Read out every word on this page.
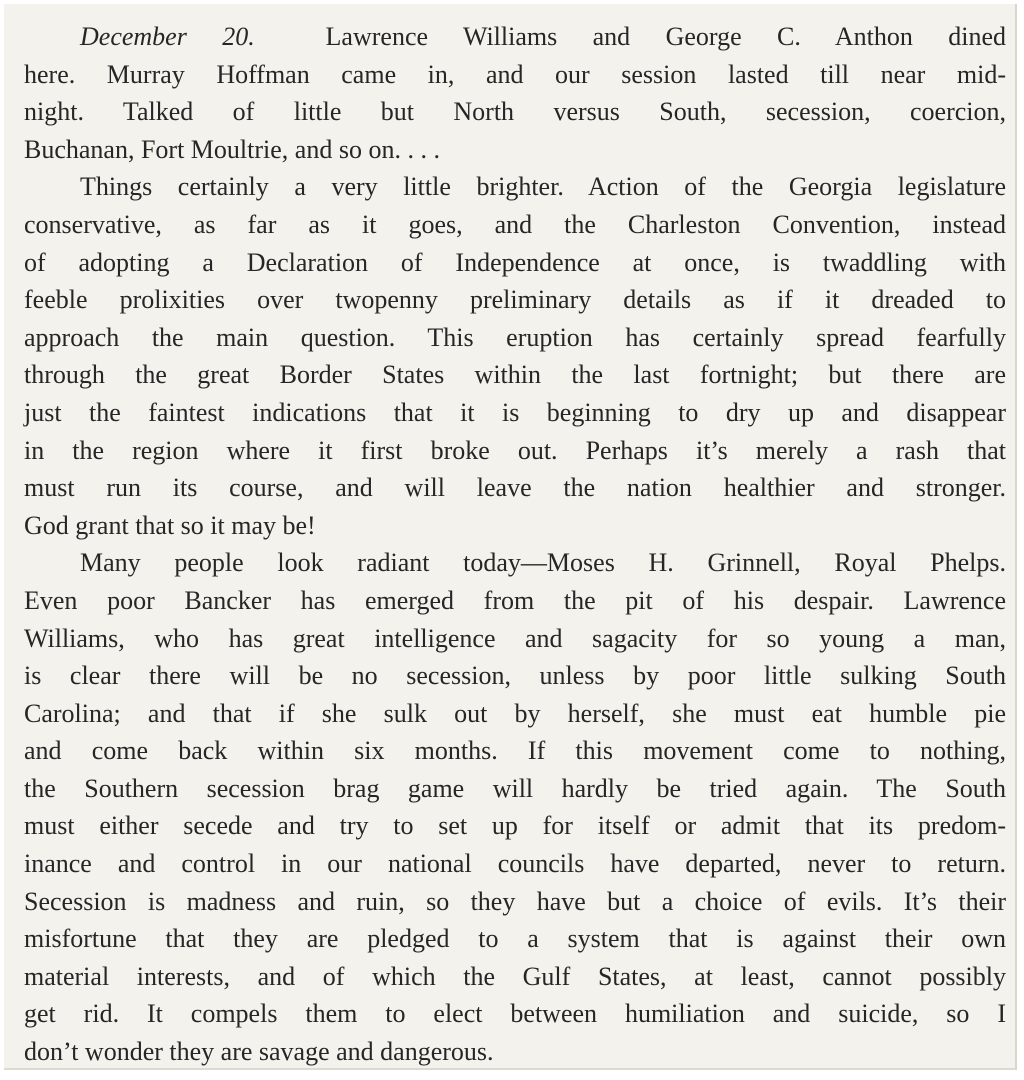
December 20.	Lawrence Williams and George C. Anthon dined
here. Murray Hoffman came in, and our session lasted till near mid-
night. Talked of little but North versus South, secession, coercion,
Buchanan, Fort Moultrie, and so on. . . .
Things certainly a very little brighter. Action of the Georgia legislature
conservative, as far as it goes, and the Charleston Convention, instead
of adopting a Declaration of Independence at once, is twaddling with
feeble prolixities over twopenny preliminary details as if it dreaded to
approach the main question. This eruption has certainly spread fearfully
through the great Border States within the last fortnight; but there are
just the faintest indications that it is beginning to dry up and disappear
in the region where it first broke out. Perhaps it’s merely a rash that
must run its course, and will leave the nation healthier and stronger.
God grant that so it may be!
Many people look radiant today—Moses H. Grinnell, Royal Phelps.
Even poor Bancker has emerged from the pit of his despair. Lawrence
Williams, who has great intelligence and sagacity for so young a man,
is clear there will be no secession, unless by poor little sulking South
Carolina; and that if she sulk out by herself, she must eat humble pie
and come back within six months. If this movement come to nothing,
the Southern secession brag game will hardly be tried again. The South
must either secede and try to set up for itself or admit that its predom-
inance and control in our national councils have departed, never to return.
Secession is madness and ruin, so they have but a choice of evils. It’s their
misfortune that they are pledged to a system that is against their own
material interests, and of which the Gulf States, at least, cannot possibly
get rid. It compels them to elect between humiliation and suicide, so I
don’t wonder they are savage and dangerous.
